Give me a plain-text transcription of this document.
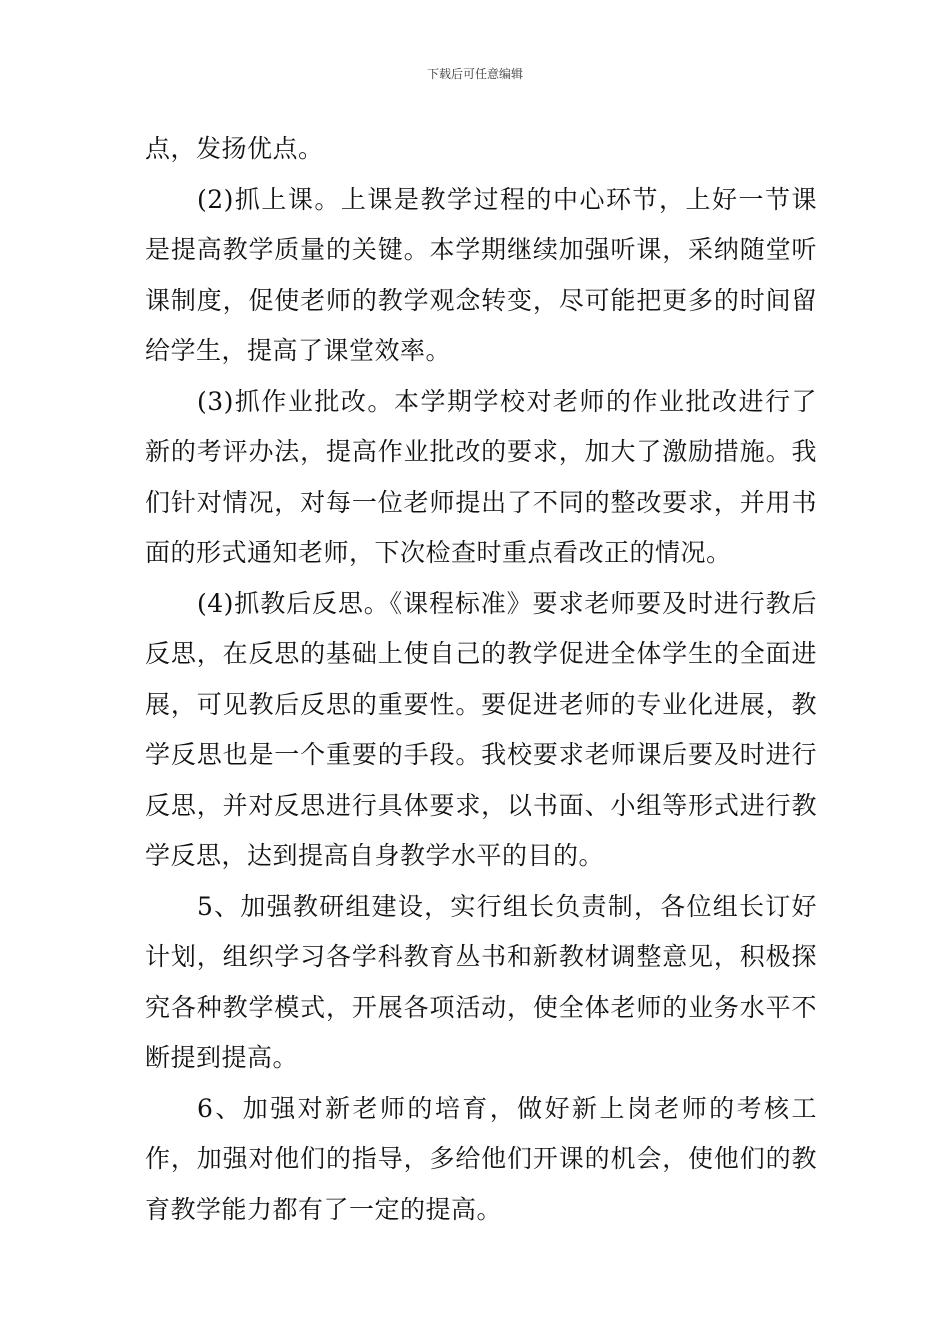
下载后可任意编辑

点，发扬优点。

(2)抓上课。上课是教学过程的中心环节，上好一节课是提高教学质量的关键。本学期继续加强听课，采纳随堂听课制度，促使老师的教学观念转变，尽可能把更多的时间留给学生，提高了课堂效率。

(3)抓作业批改。本学期学校对老师的作业批改进行了新的考评办法，提高作业批改的要求，加大了激励措施。我们针对情况，对每一位老师提出了不同的整改要求，并用书面的形式通知老师，下次检查时重点看改正的情况。

(4)抓教后反思。《课程标准》要求老师要及时进行教后反思，在反思的基础上使自己的教学促进全体学生的全面进展，可见教后反思的重要性。要促进老师的专业化进展，教学反思也是一个重要的手段。我校要求老师课后要及时进行反思，并对反思进行具体要求，以书面、小组等形式进行教学反思，达到提高自身教学水平的目的。

5、加强教研组建设，实行组长负责制，各位组长订好计划，组织学习各学科教育丛书和新教材调整意见，积极探究各种教学模式，开展各项活动，使全体老师的业务水平不断提到提高。

6、加强对新老师的培育，做好新上岗老师的考核工作，加强对他们的指导，多给他们开课的机会，使他们的教育教学能力都有了一定的提高。
